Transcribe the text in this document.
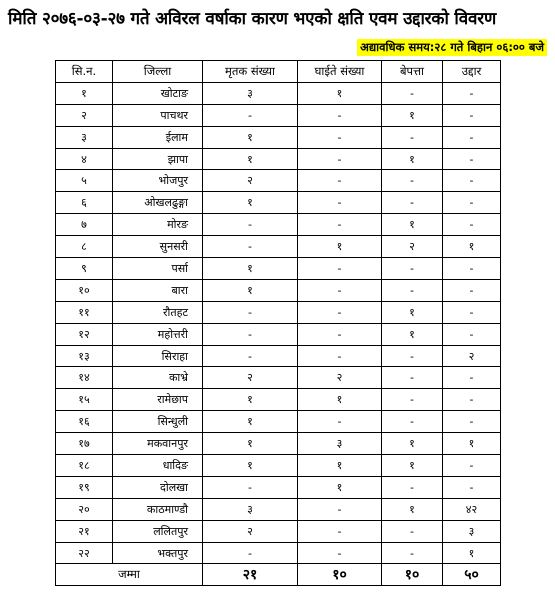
मिति २०७६-०३-२७ गते अविरल वर्षाका कारण भएको क्षति एवम उद्दारको विवरण
अद्यावधिक समय:२८ गते बिहान ०६:०० बजे
सि.न.	जिल्ला	मृतक संख्या	घाईते संख्या	बेपत्ता	उद्दार
१	खोटाङ	३	१	-	-
२	पाचथर	-	-	१	-
३	ईलाम	१	-	-	-
४	झापा	१	-	१	-
५	भोजपुर	२	-	-	-
६	ओखलढुङ्गा	१	-	-	-
७	मोरङ	-	-	१	-
८	सुनसरी	-	१	२	१
९	पर्सा	१	-	-	-
१०	बारा	१	-	-	-
११	रौतहट	-	-	१	-
१२	महोत्तरी	-	-	१	-
१३	सिराहा	-	-	-	२
१४	काभ्रे	२	२	-	-
१५	रामेछाप	१	१	-	-
१६	सिन्धुली	१	-	-	-
१७	मकवानपुर	१	३	१	१
१८	धादिङ	१	१	१	-
१९	दोलखा	-	१	-	-
२०	काठमाण्डौ	३	-	१	४२
२१	ललितपुर	२	-	-	३
२२	भक्तपुर	-	-	-	१
जम्मा		२१	१०	१०	५०
